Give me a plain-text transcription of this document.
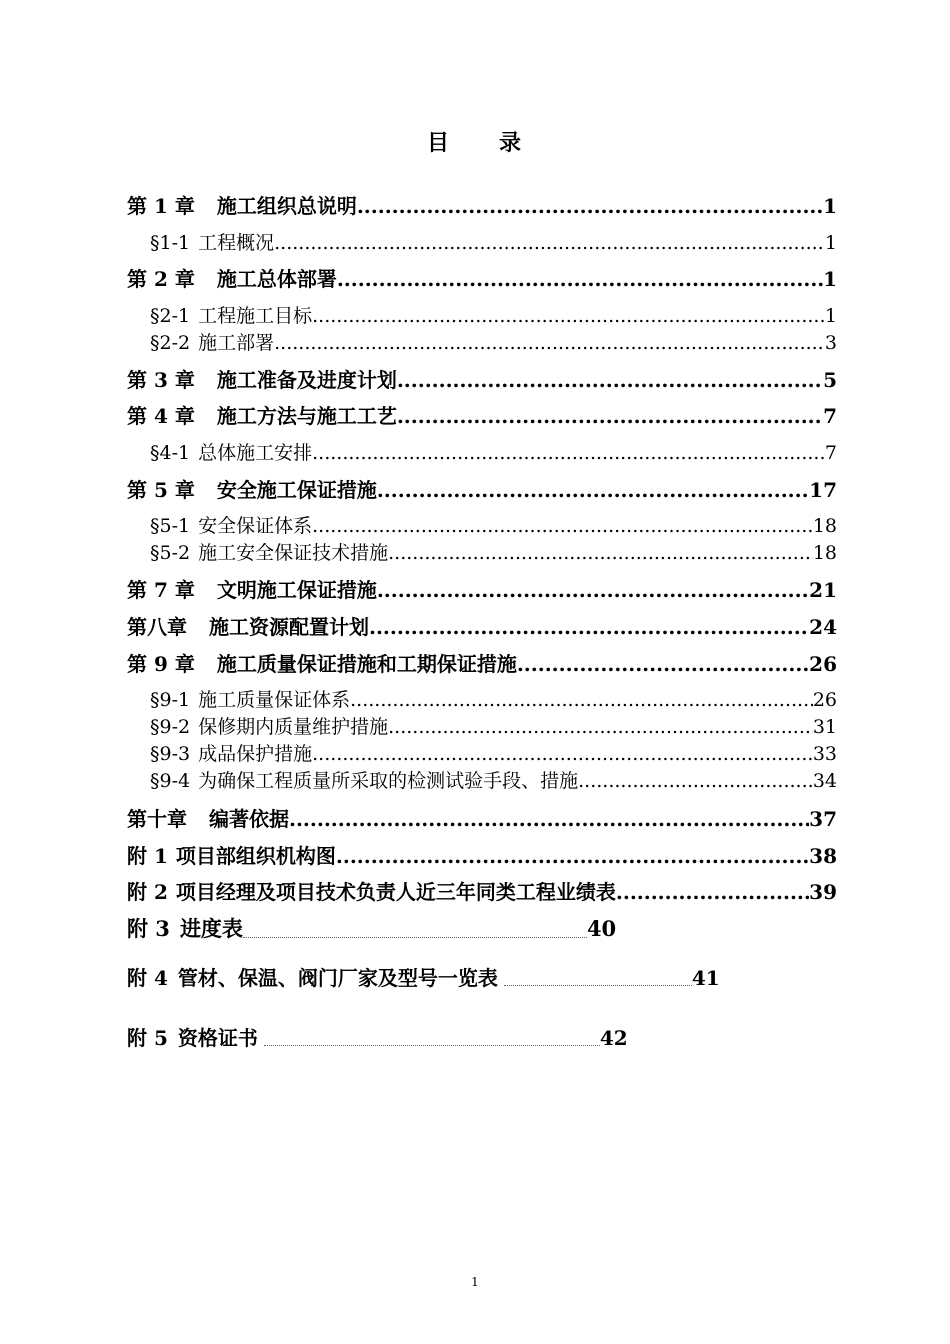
目 录
第 1 章 施工组织总说明 .....	1
§1-1 工程概况 .....	1
第 2 章 施工总体部署 .....	1
§2-1 工程施工目标 .....	1
§2-2 施工部署 .....	3
第 3 章 施工准备及进度计划 .....	5
第 4 章 施工方法与施工工艺 .....	7
§4-1 总体施工安排 .....	7
第 5 章 安全施工保证措施 .....	17
§5-1 安全保证体系 .....	18
§5-2 施工安全保证技术措施 .....	18
第 7 章 文明施工保证措施 .....	21
第八章 施工资源配置计划 .....	24
第 9 章 施工质量保证措施和工期保证措施 .....	26
§9-1 施工质量保证体系 .....	26
§9-2 保修期内质量维护措施 .....	31
§9-3 成品保护措施 .....	33
§9-4 为确保工程质量所采取的检测试验手段、措施 .....	34
第十章 编著依据 .....	37
附 1 项目部组织机构图 .....	38
附 2 项目经理及项目技术负责人近三年同类工程业绩表 .....	39
附 3 进度表	40
附 4 管材、保温、阀门厂家及型号一览表	41
附 5 资格证书	42
1
